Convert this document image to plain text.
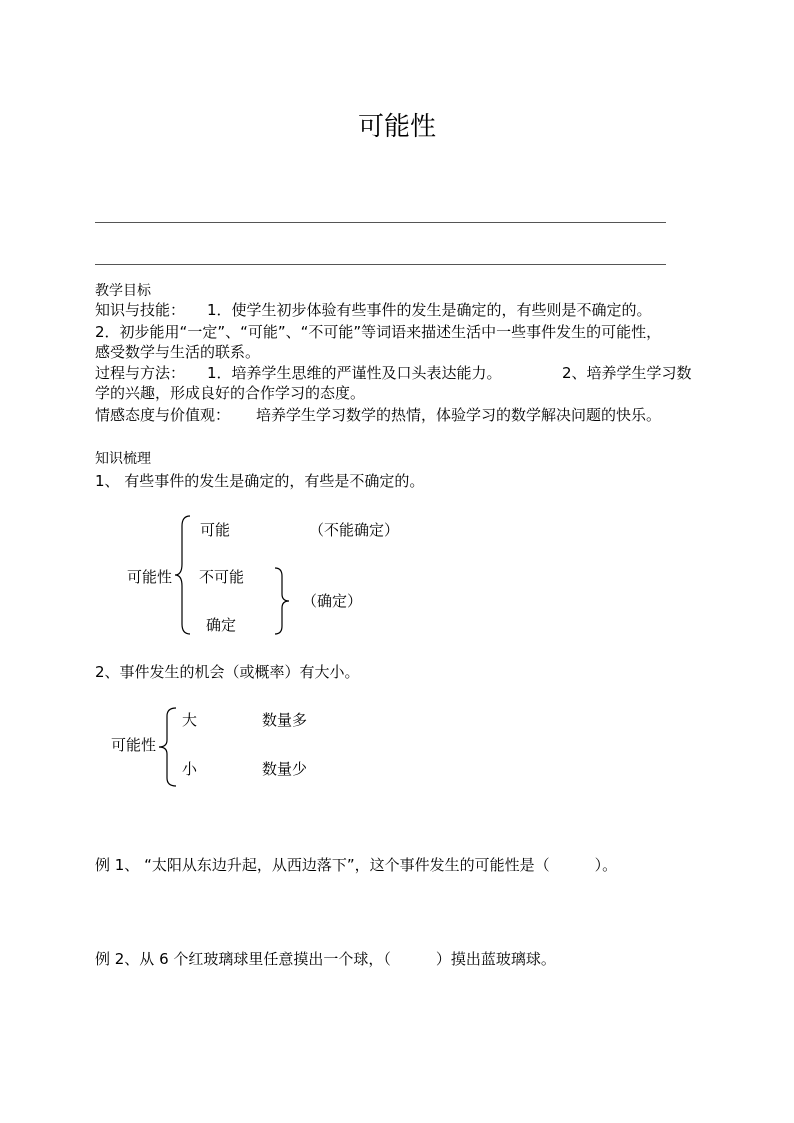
可能性
教学目标
知识与技能： 1．使学生初步体验有些事件的发生是确定的，有些则是不确定的。
2．初步能用“一定”、“可能”、“不可能”等词语来描述生活中一些事件发生的可能性，
感受数学与生活的联系。
过程与方法： 1．培养学生思维的严谨性及口头表达能力。	2、培养学生学习数
学的兴趣，形成良好的合作学习的态度。
情感态度与价值观： 培养学生学习数学的热情，体验学习的数学解决问题的快乐。
知识梳理
1、 有些事件的发生是确定的，有些是不确定的。
可能性
可能	（不能确定）
不可能
确定
（确定）
2、事件发生的机会（或概率）有大小。
可能性
大	数量多
小	数量少
例 1、 “太阳从东边升起，从西边落下”，这个事件发生的可能性是（　　　）。
例 2、从 6 个红玻璃球里任意摸出一个球，（　　　）摸出蓝玻璃球。
